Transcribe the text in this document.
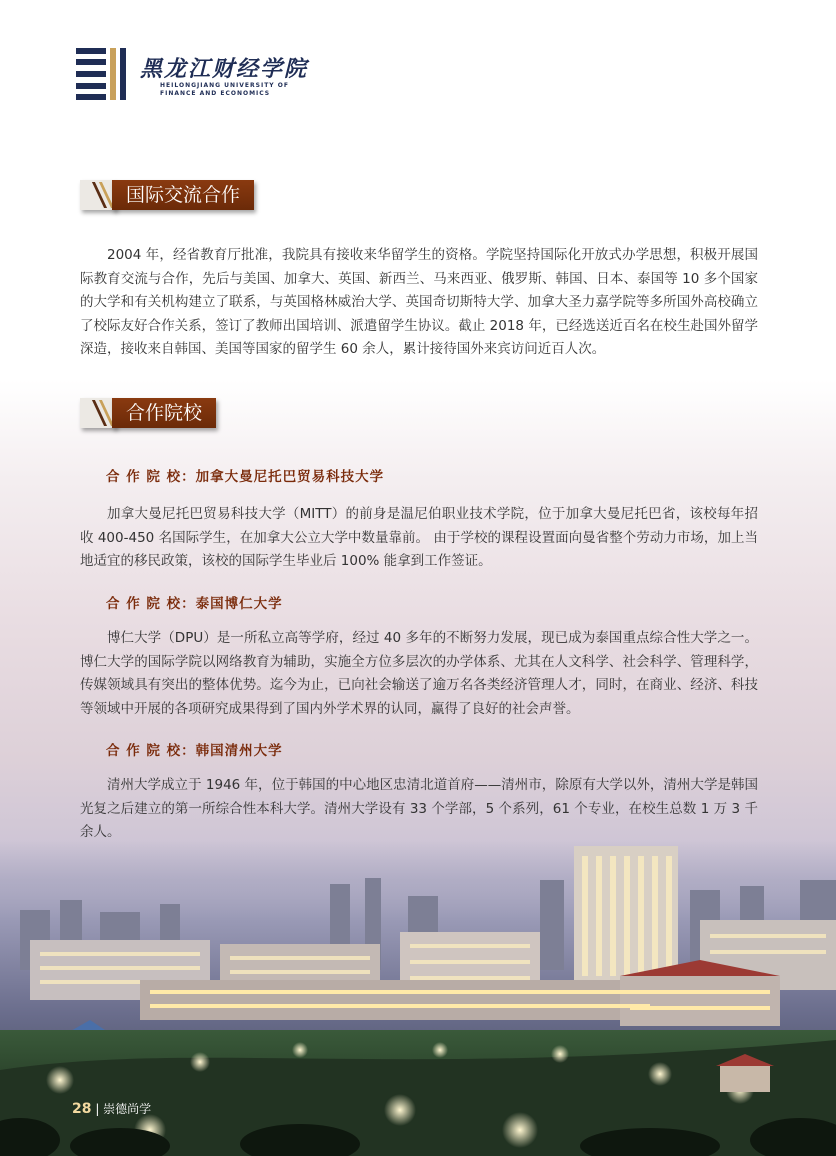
黑龙江财经学院
HEILONGJIANG UNIVERSITY OF FINANCE AND ECONOMICS
国际交流合作
2004 年，经省教育厅批准，我院具有接收来华留学生的资格。学院坚持国际化开放式办学思想，积极开展国际教育交流与合作，先后与美国、加拿大、英国、新西兰、马来西亚、俄罗斯、韩国、日本、泰国等 10 多个国家的大学和有关机构建立了联系，与英国格林威治大学、英国奇切斯特大学、加拿大圣力嘉学院等多所国外高校确立了校际友好合作关系，签订了教师出国培训、派遣留学生协议。截止 2018 年，已经选送近百名在校生赴国外留学深造，接收来自韩国、美国等国家的留学生 60 余人，累计接待国外来宾访问近百人次。
合作院校
合 作 院 校：加拿大曼尼托巴贸易科技大学
加拿大曼尼托巴贸易科技大学（MITT）的前身是温尼伯职业技术学院，位于加拿大曼尼托巴省，该校每年招收 400-450 名国际学生，在加拿大公立大学中数量靠前。 由于学校的课程设置面向曼省整个劳动力市场，加上当地适宜的移民政策，该校的国际学生毕业后 100% 能拿到工作签证。
合 作 院 校：泰国博仁大学
博仁大学（DPU）是一所私立高等学府，经过 40 多年的不断努力发展，现已成为泰国重点综合性大学之一。博仁大学的国际学院以网络教育为辅助，实施全方位多层次的办学体系、尤其在人文科学、社会科学、管理科学，传媒领域具有突出的整体优势。迄今为止，已向社会输送了逾万名各类经济管理人才，同时，在商业、经济、科技等领域中开展的各项研究成果得到了国内外学术界的认同，赢得了良好的社会声誉。
合 作 院 校：韩国清州大学
清州大学成立于 1946 年，位于韩国的中心地区忠清北道首府——清州市，除原有大学以外，清州大学是韩国光复之后建立的第一所综合性本科大学。清州大学设有 33 个学部，5 个系列，61 个专业，在校生总数 1 万 3 千余人。
28 | 崇德尚学
